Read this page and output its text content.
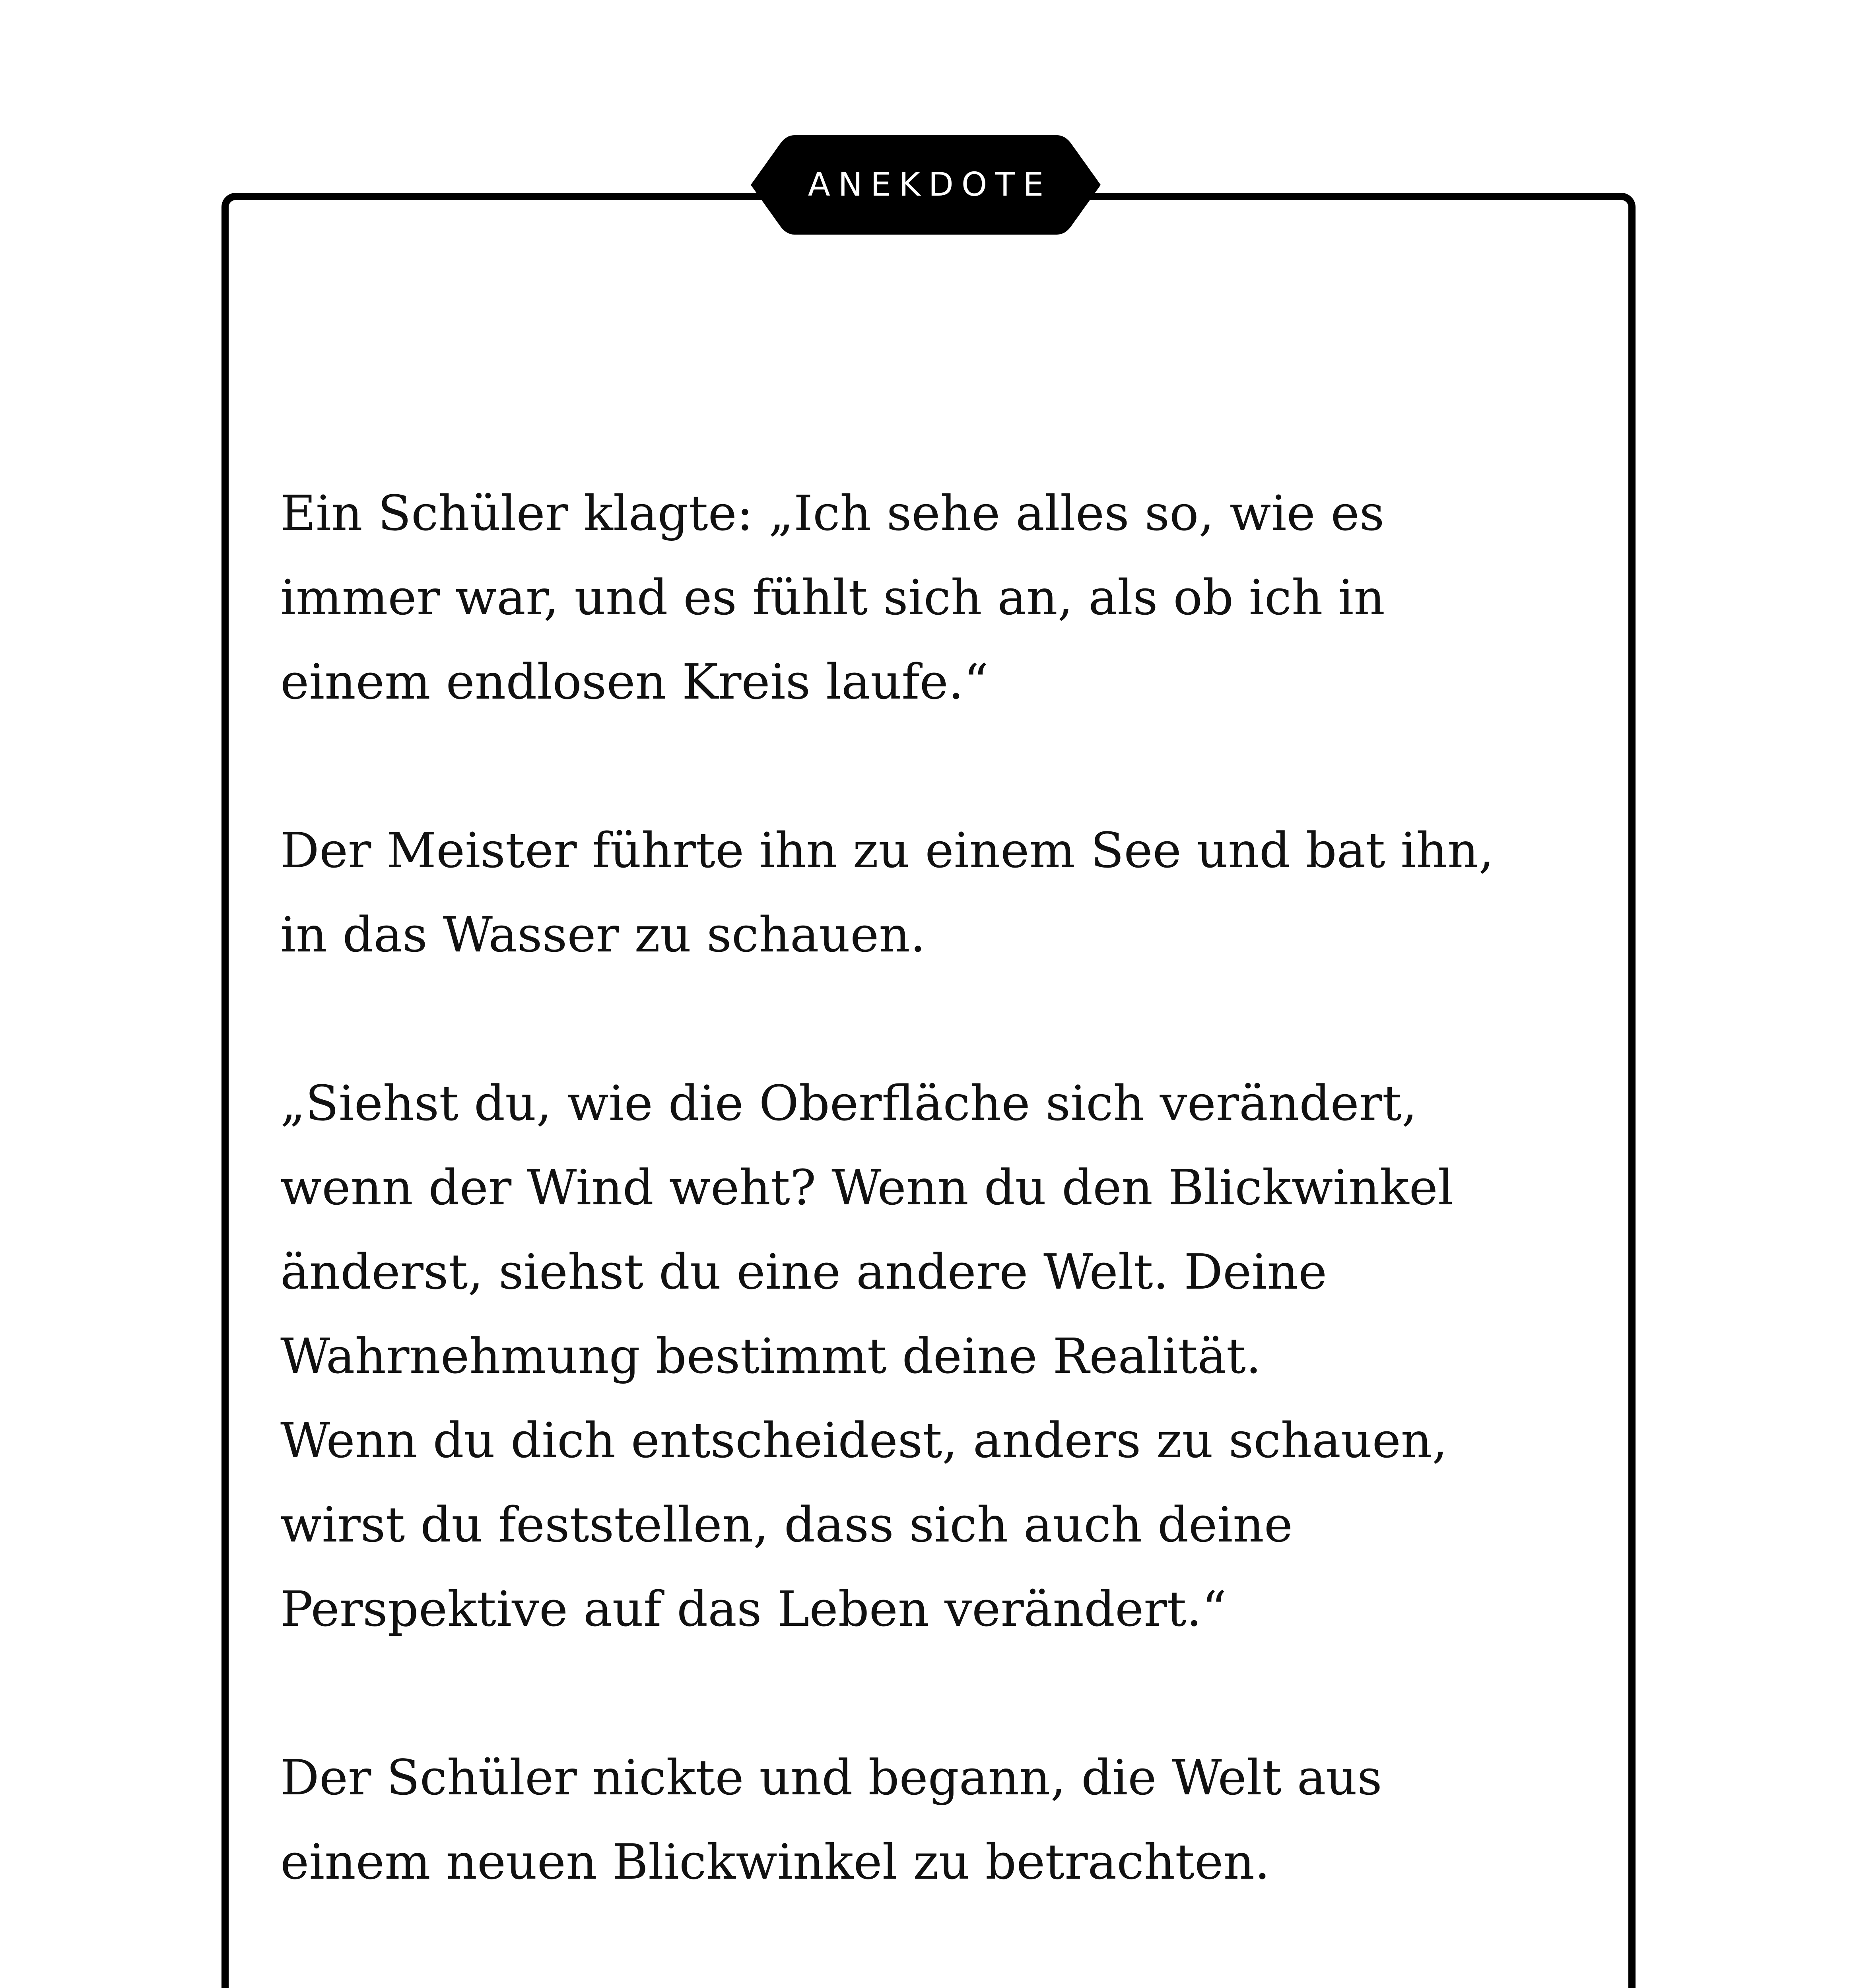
ANEKDOTE

Ein Schüler klagte: „Ich sehe alles so, wie es
immer war, und es fühlt sich an, als ob ich in
einem endlosen Kreis laufe.“

Der Meister führte ihn zu einem See und bat ihn,
in das Wasser zu schauen.

„Siehst du, wie die Oberfläche sich verändert,
wenn der Wind weht? Wenn du den Blickwinkel
änderst, siehst du eine andere Welt. Deine
Wahrnehmung bestimmt deine Realität.
Wenn du dich entscheidest, anders zu schauen,
wirst du feststellen, dass sich auch deine
Perspektive auf das Leben verändert.“

Der Schüler nickte und begann, die Welt aus
einem neuen Blickwinkel zu betrachten.
